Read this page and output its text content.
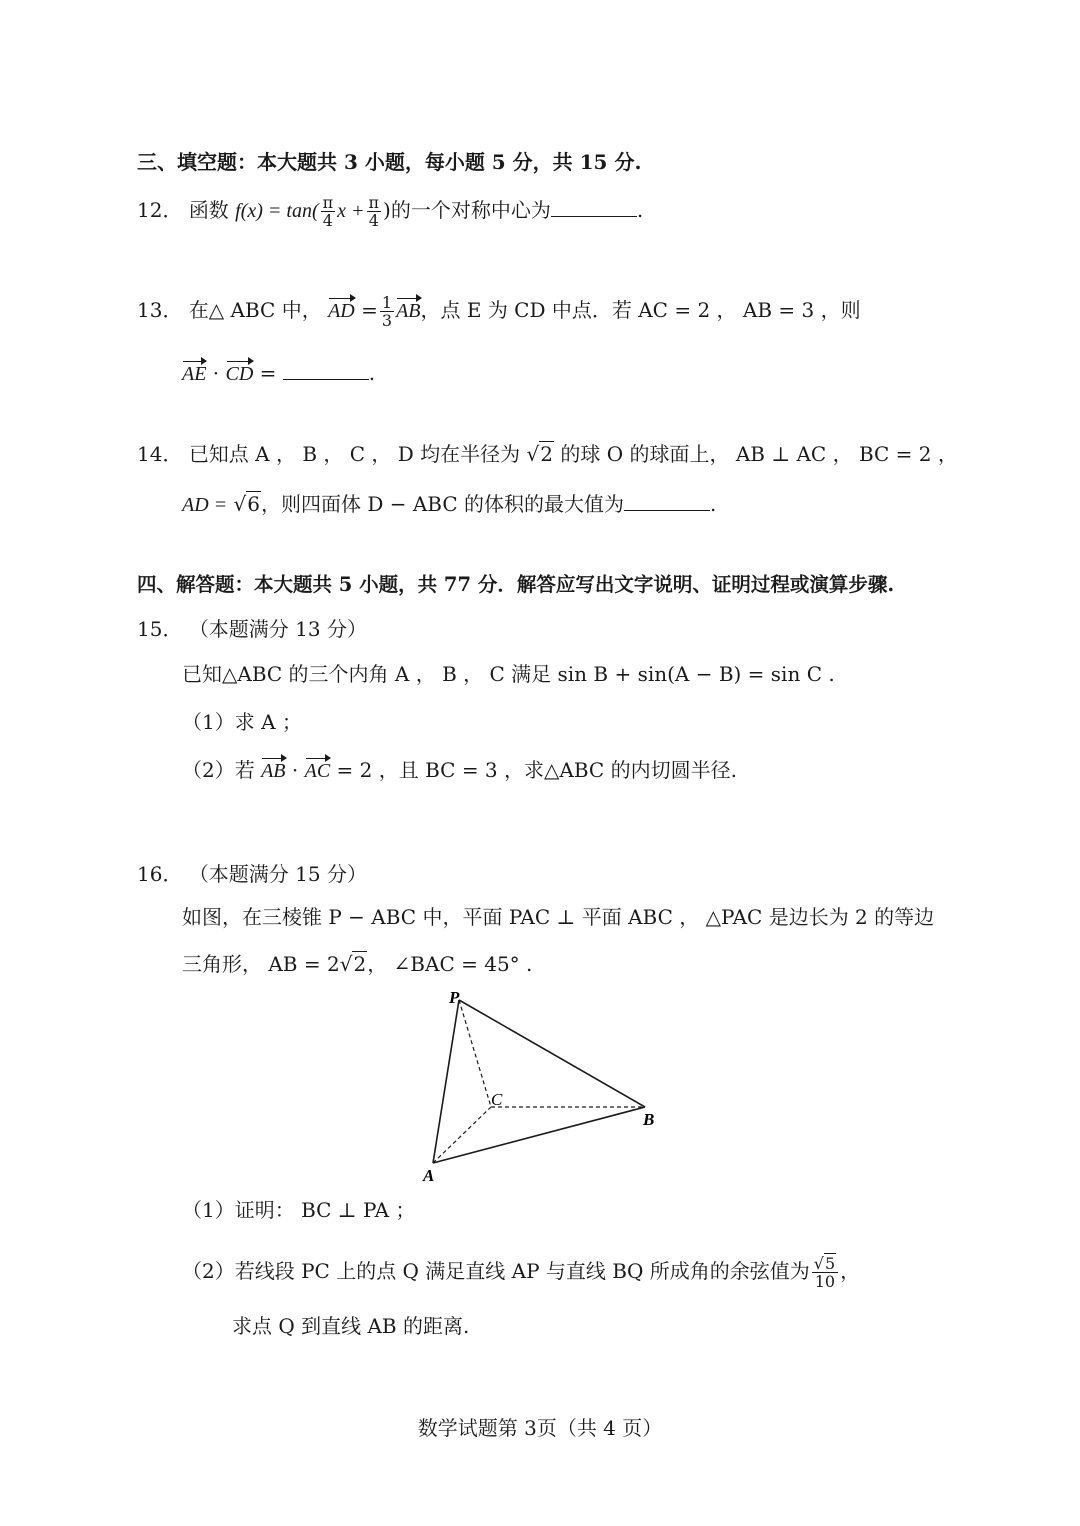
三、填空题：本大题共 3 小题，每小题 5 分，共 15 分.
12． 函数 $f(x) = \tan( \frac{\pi}{4}$ $x + \frac{\pi}{4}$ )的一个对称中心为	.
13． 在△ ABC 中， AD = $\frac{1}{3}$ AB，点 E 为 CD 中点．若 AC = 2 ， AB = 3 ，则
AE · CD =	.
14． 已知点 A ， B ， C ， D 均在半径为 √2 的球 O 的球面上， AB ⊥ AC ， BC = 2 ，
AD = √6，则四面体 D − ABC 的体积的最大值为	.
四、解答题：本大题共 5 小题，共 77 分．解答应写出文字说明、证明过程或演算步骤.
15． （本题满分 13 分）
已知△ABC 的三个内角 A ， B ， C 满足 sin B + sin(A − B) = sin C .
（1）求 A ；
（2）若 AB · AC = 2 ，且 BC = 3 ，求△ABC 的内切圆半径.
16． （本题满分 15 分）
如图，在三棱锥 P − ABC 中，平面 PAC ⊥ 平面 ABC ， △PAC 是边长为 2 的等边
三角形， AB = 2√2， ∠BAC = 45° .
P
C
B
A
（1）证明： BC ⊥ PA ；
（2）若线段 PC 上的点 Q 满足直线 AP 与直线 BQ 所成角的余弦值为 $\frac{√5}{10}$ ，
求点 Q 到直线 AB 的距离.
数学试题第 3页（共 4 页）
